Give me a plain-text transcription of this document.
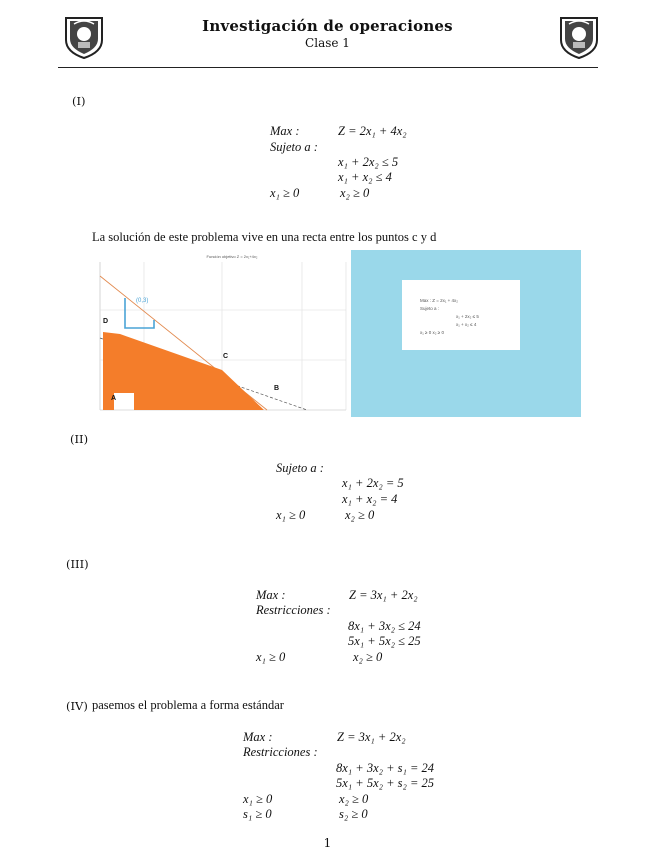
Investigación de operaciones
Clase 1
(I)
Max :	Z = 2x₁ + 4x₂
Sujeto a :
x₁ + 2x₂ ≤ 5
x₁ + x₂ ≤ 4
x₁ ≥ 0	x₂ ≥ 0
La solución de este problema vive en una recta entre los puntos c y d
Función objetivo Z = 2x₁+4x₂
(0,3)
D
C
B
A
Max : Z = 2x₁ + 4x₂
Sujeto a :
x₁ + 2x₂ ≤ 5
x₁ + x₂ ≤ 4
x₁ ≥ 0 x₂ ≥ 0
(II)
Sujeto a :
x₁ + 2x₂ = 5
x₁ + x₂ = 4
x₁ ≥ 0	x₂ ≥ 0
(III)
Max :	Z = 3x₁ + 2x₂
Restricciones :
8x₁ + 3x₂ ≤ 24
5x₁ + 5x₂ ≤ 25
x₁ ≥ 0	x₂ ≥ 0
(IV) pasemos el problema a forma estándar
Max :	Z = 3x₁ + 2x₂
Restricciones :
8x₁ + 3x₂ + s₁ = 24
5x₁ + 5x₂ + s₂ = 25
x₁ ≥ 0	x₂ ≥ 0
s₁ ≥ 0	s₂ ≥ 0
1
